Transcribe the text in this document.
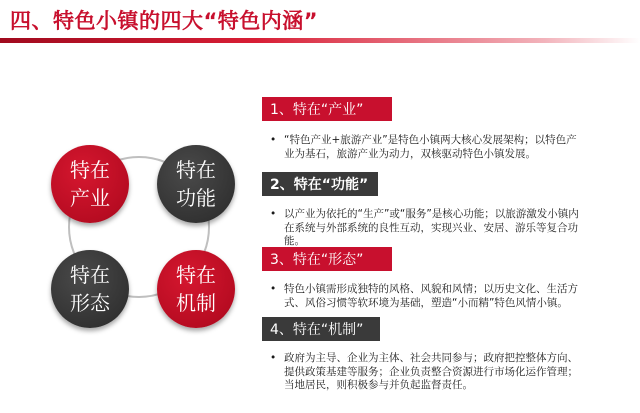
四、特色小镇的四大“特色内涵”
特在
产业
特在
功能
特在
形态
特在
机制
1、特在“产业”
• “特色产业+旅游产业”是特色小镇两大核心发展架构；以特色产业为基石，旅游产业为动力，双核驱动特色小镇发展。
2、特在“功能”
• 以产业为依托的“生产”或“服务”是核心功能；以旅游激发小镇内在系统与外部系统的良性互动，实现兴业、安居、游乐等复合功能。
3、特在“形态”
• 特色小镇需形成独特的风格、风貌和风情；以历史文化、生活方式、风俗习惯等软环境为基础，塑造“小而精”特色风情小镇。
4、特在“机制”
• 政府为主导、企业为主体、社会共同参与；政府把控整体方向、提供政策基建等服务；企业负责整合资源进行市场化运作管理；当地居民，则积极参与并负起监督责任。
